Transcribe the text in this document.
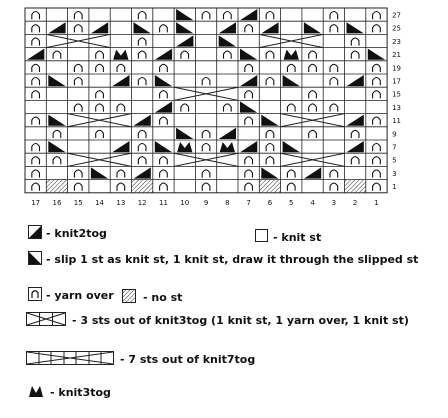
27
25
23
21
19
17
15
13
11
9
7
5
3
1
17 16 15 14 13 12 11 10 9 8 7 6 5 4 3 2 1
- knit2tog	- knit st
- slip 1 st as knit st, 1 knit st, draw it through the slipped st
- yarn over	- no st
- 3 sts out of knit3tog (1 knit st, 1 yarn over, 1 knit st)
- 7 sts out of knit7tog
- knit3tog
